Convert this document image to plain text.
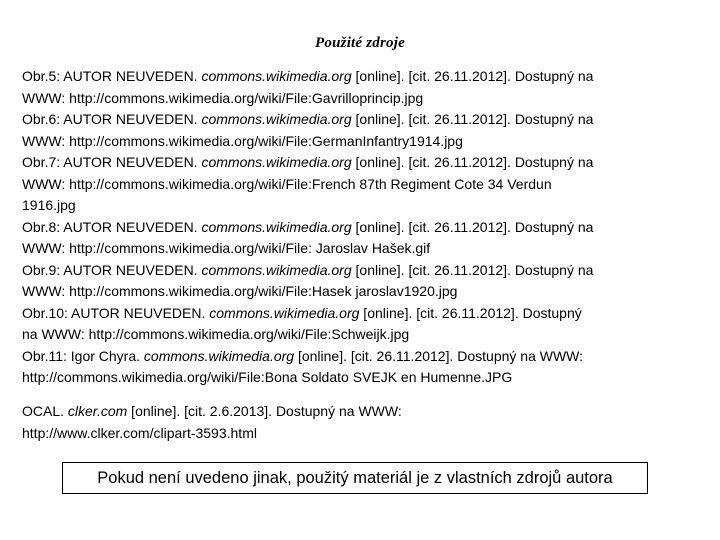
Použité zdroje

Obr.5: AUTOR NEUVEDEN. commons.wikimedia.org [online]. [cit. 26.11.2012]. Dostupný na

WWW: http://commons.wikimedia.org/wiki/File:Gavrilloprincip.jpg

Obr.6: AUTOR NEUVEDEN. commons.wikimedia.org [online]. [cit. 26.11.2012]. Dostupný na

WWW: http://commons.wikimedia.org/wiki/File:GermanInfantry1914.jpg

Obr.7: AUTOR NEUVEDEN. commons.wikimedia.org [online]. [cit. 26.11.2012]. Dostupný na

WWW: http://commons.wikimedia.org/wiki/File:French 87th Regiment Cote 34 Verdun

1916.jpg

Obr.8: AUTOR NEUVEDEN. commons.wikimedia.org [online]. [cit. 26.11.2012]. Dostupný na

WWW: http://commons.wikimedia.org/wiki/File: Jaroslav Hašek.gif

Obr.9: AUTOR NEUVEDEN. commons.wikimedia.org [online]. [cit. 26.11.2012]. Dostupný na

WWW: http://commons.wikimedia.org/wiki/File:Hasek jaroslav1920.jpg

Obr.10: AUTOR NEUVEDEN. commons.wikimedia.org [online]. [cit. 26.11.2012]. Dostupný

na WWW: http://commons.wikimedia.org/wiki/File:Schweijk.jpg

Obr.11: Igor Chyra. commons.wikimedia.org [online]. [cit. 26.11.2012]. Dostupný na WWW:

http://commons.wikimedia.org/wiki/File:Bona Soldato SVEJK en Humenne.JPG

OCAL. clker.com [online]. [cit. 2.6.2013]. Dostupný na WWW:

http://www.clker.com/clipart-3593.html

Pokud není uvedeno jinak, použitý materiál je z vlastních zdrojů autora
